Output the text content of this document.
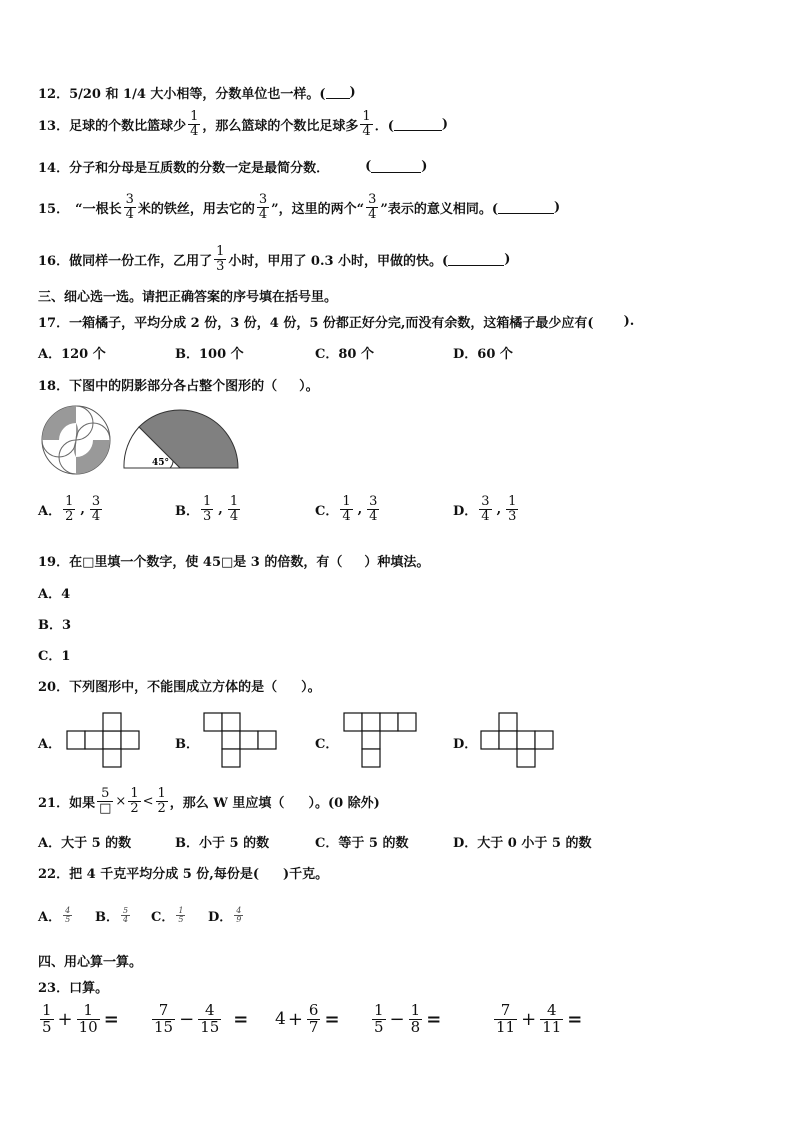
12． 5/20 和 1/4 大小相等，分数单位也一样。( )
13． 足球的个数比篮球少 $\frac{1}{4}$ ，那么篮球的个数比足球多 $\frac{1}{4}$ ．(	)
14． 分子和分母是互质数的分数一定是最简分数．	(	)
15． “一根长 $\frac{3}{4}$ 米的铁丝，用去它的 $\frac{3}{4}$ ”，这里的两个“ $\frac{3}{4}$ ”表示的意义相同。(	)
16． 做同样一份工作，乙用了 $\frac{1}{3}$ 小时，甲用了 0.3 小时，甲做的快。(	)
三、细心选一选。请把正确答案的序号填在括号里。
17． 一箱橘子，平均分成 2 份，3 份，4 份，5 份都正好分完,而没有余数，这箱橘子最少应有( ).
A．120 个	B．100 个	C．80 个	D．60 个
18． 下图中的阴影部分各占整个图形的（ ）。
45°
A． $\frac{1}{2}$ , $\frac{3}{4}$	B． $\frac{1}{3}$ , $\frac{1}{4}$	C． $\frac{1}{4}$ , $\frac{3}{4}$	D． $\frac{3}{4}$ , $\frac{1}{3}$
19． 在□里填一个数字，使 45□是 3 的倍数，有（ ）种填法。
A．4
B．3
C．1
20． 下列图形中，不能围成立方体的是（ ）。
A．	B．	C．	D．
21． 如果 $\frac{5}{□} \times \frac{1}{2} < \frac{1}{2}$ ，那么 W 里应填（ ）。(0 除外)
A．大于 5 的数	B．小于 5 的数	C．等于 5 的数	D．大于 0 小于 5 的数
22． 把 4 千克平均分成 5 份,每份是( )千克。
A． $\frac{4}{5}$ B． $\frac{5}{4}$ C． $\frac{1}{5}$ D． $\frac{4}{9}$
四、用心算一算。
23． 口算。
$\frac{1}{5} + \frac{1}{10} = \frac{7}{15} - \frac{4}{15} = 4 + \frac{6}{7} = \frac{1}{5} - \frac{1}{8}$ =	$\frac{7}{11} + \frac{4}{11}$ =
